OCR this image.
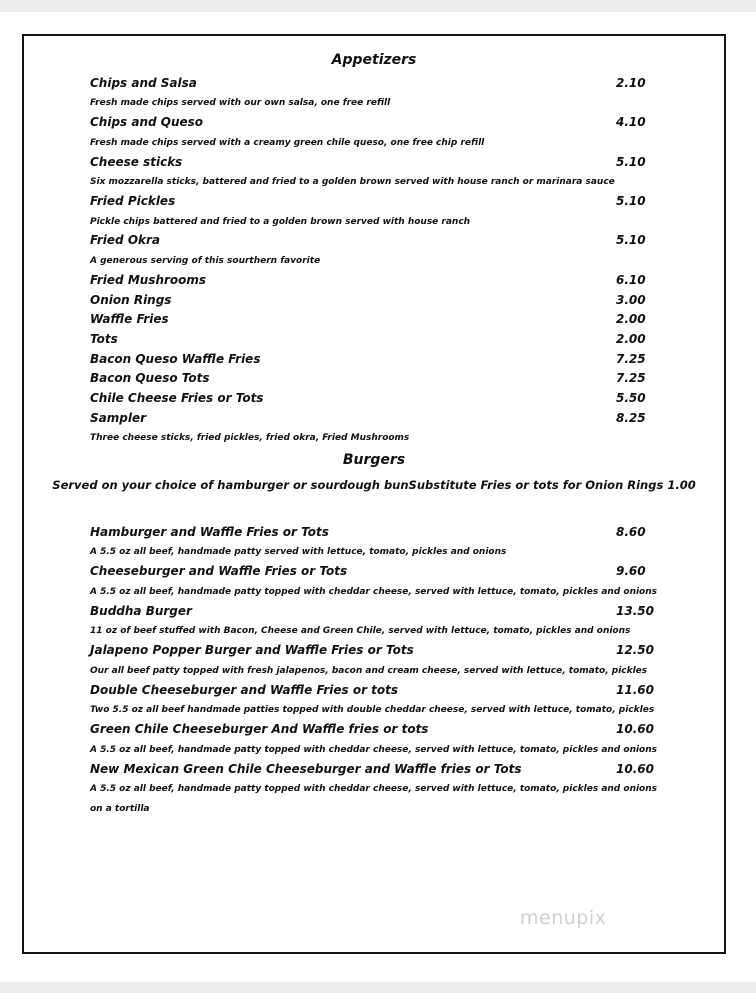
Appetizers
Chips and Salsa	2.10
Fresh made chips served with our own salsa, one free refill
Chips and Queso	4.10
Fresh made chips served with a creamy green chile queso, one free chip refill
Cheese sticks	5.10
Six mozzarella sticks, battered and fried to a golden brown served with house ranch or marinara sauce
Fried Pickles	5.10
Pickle chips battered and fried to a golden brown served with house ranch
Fried Okra	5.10
A generous serving of this sourthern favorite
Fried Mushrooms	6.10
Onion Rings	3.00
Waffle Fries	2.00
Tots	2.00
Bacon Queso Waffle Fries	7.25
Bacon Queso Tots	7.25
Chile Cheese Fries or Tots	5.50
Sampler	8.25
Three cheese sticks, fried pickles, fried okra, Fried Mushrooms
Burgers
Served on your choice of hamburger or sourdough bunSubstitute Fries or tots for Onion Rings 1.00
Hamburger and Waffle Fries or Tots	8.60
A 5.5 oz all beef, handmade patty served with lettuce, tomato, pickles and onions
Cheeseburger and Waffle Fries or Tots	9.60
A 5.5 oz all beef, handmade patty topped with cheddar cheese, served with lettuce, tomato, pickles and onions
Buddha Burger	13.50
11 oz of beef stuffed with Bacon, Cheese and Green Chile, served with lettuce, tomato, pickles and onions
Jalapeno Popper Burger and Waffle Fries or Tots	12.50
Our all beef patty topped with fresh jalapenos, bacon and cream cheese, served with lettuce, tomato, pickles
Double Cheeseburger and Waffle Fries or tots	11.60
Two 5.5 oz all beef handmade patties topped with double cheddar cheese, served with lettuce, tomato, pickles
Green Chile Cheeseburger And Waffle fries or tots	10.60
A 5.5 oz all beef, handmade patty topped with cheddar cheese, served with lettuce, tomato, pickles and onions
New Mexican Green Chile Cheeseburger and Waffle fries or Tots	10.60
A 5.5 oz all beef, handmade patty topped with cheddar cheese, served with lettuce, tomato, pickles and onions
on a tortilla
menupix
